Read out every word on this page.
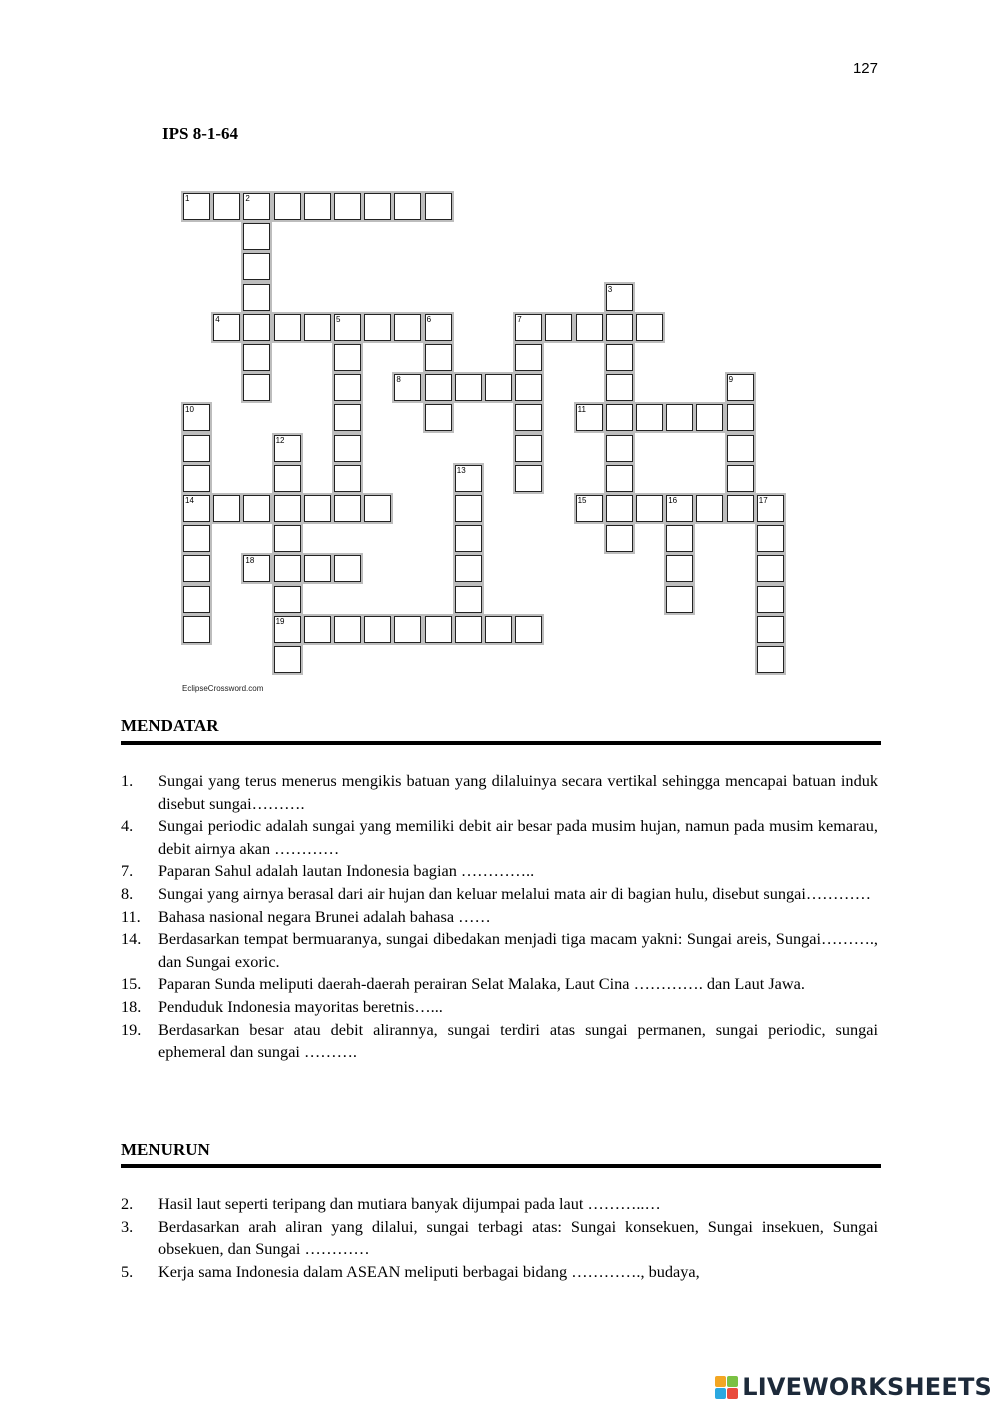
127
IPS 8-1-64
1	2
3
4	5	6	7
8	9
10	11
12
13
14	15	16	17
18
19
EclipseCrossword.com
MENDATAR
1. Sungai yang terus menerus mengikis batuan yang dilaluinya secara vertikal sehingga mencapai batuan induk disebut sungai……….
4. Sungai periodic adalah sungai yang memiliki debit air besar pada musim hujan, namun pada musim kemarau, debit airnya akan …………
7. Paparan Sahul adalah lautan Indonesia bagian …………..
8. Sungai yang airnya berasal dari air hujan dan keluar melalui mata air di bagian hulu, disebut sungai…………
11. Bahasa nasional negara Brunei adalah bahasa ……
14. Berdasarkan tempat bermuaranya, sungai dibedakan menjadi tiga macam yakni: Sungai areis, Sungai………., dan Sungai exoric.
15. Paparan Sunda meliputi daerah-daerah perairan Selat Malaka, Laut Cina …………. dan Laut Jawa.
18. Penduduk Indonesia mayoritas beretnis…...
19. Berdasarkan besar atau debit alirannya, sungai terdiri atas sungai permanen, sungai periodic, sungai ephemeral dan sungai ……….
MENURUN
2. Hasil laut seperti teripang dan mutiara banyak dijumpai pada laut ………..…
3. Berdasarkan arah aliran yang dilalui, sungai terbagi atas: Sungai konsekuen, Sungai insekuen, Sungai obsekuen, dan Sungai …………
5. Kerja sama Indonesia dalam ASEAN meliputi berbagai bidang …………., budaya,
LIVEWORKSHEETS
